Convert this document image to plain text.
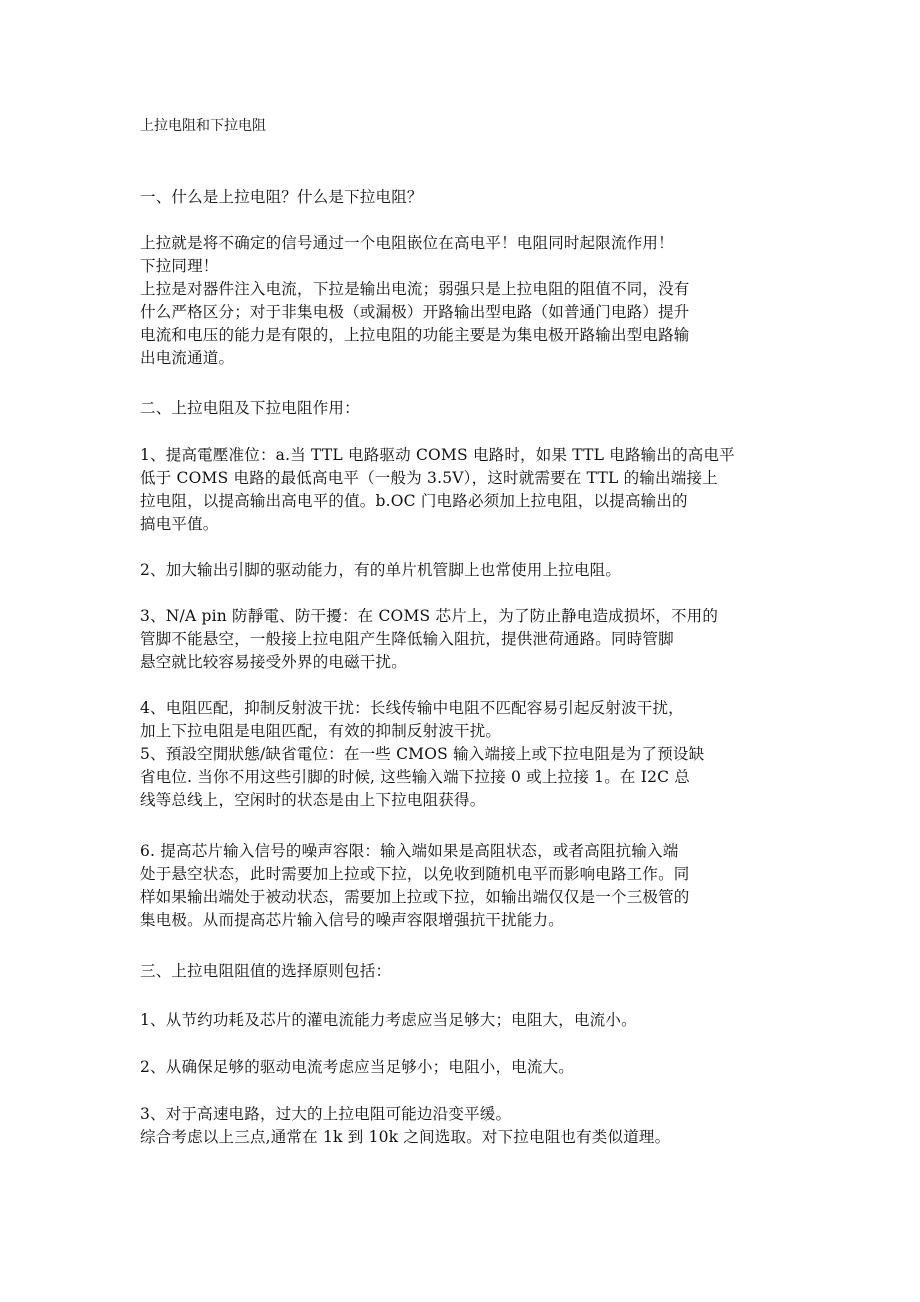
上拉电阻和下拉电阻
一、什么是上拉电阻？什么是下拉电阻？
上拉就是将不确定的信号通过一个电阻嵌位在高电平！电阻同时起限流作用！
下拉同理！
上拉是对器件注入电流，下拉是输出电流；弱强只是上拉电阻的阻值不同，没有
什么严格区分；对于非集电极（或漏极）开路输出型电路（如普通门电路）提升
电流和电压的能力是有限的，上拉电阻的功能主要是为集电极开路输出型电路输
出电流通道。
二、上拉电阻及下拉电阻作用：
1、提高電壓准位：a.当 TTL 电路驱动 COMS 电路时，如果 TTL 电路输出的高电平
低于 COMS 电路的最低高电平（一般为 3.5V），这时就需要在 TTL 的输出端接上
拉电阻，以提高输出高电平的值。b.OC 门电路必须加上拉电阻，以提高输出的
搞电平值。
2、加大输出引脚的驱动能力，有的单片机管脚上也常使用上拉电阻。
3、N/A pin 防靜電、防干擾：在 COMS 芯片上，为了防止静电造成损坏，不用的
管脚不能悬空，一般接上拉电阻产生降低输入阻抗，提供泄荷通路。同時管脚
悬空就比较容易接受外界的电磁干扰。
4、电阻匹配，抑制反射波干扰：长线传输中电阻不匹配容易引起反射波干扰，
加上下拉电阻是电阻匹配，有效的抑制反射波干扰。
5、預設空閒狀態/缺省電位：在一些 CMOS 输入端接上或下拉电阻是为了预设缺
省电位. 当你不用这些引脚的时候, 这些输入端下拉接 0 或上拉接 1。在 I2C 总
线等总线上，空闲时的状态是由上下拉电阻获得。
6. 提高芯片输入信号的噪声容限：输入端如果是高阻状态，或者高阻抗输入端
处于悬空状态，此时需要加上拉或下拉，以免收到随机电平而影响电路工作。同
样如果输出端处于被动状态，需要加上拉或下拉，如输出端仅仅是一个三极管的
集电极。从而提高芯片输入信号的噪声容限增强抗干扰能力。
三、上拉电阻阻值的选择原则包括：
1、从节约功耗及芯片的灌电流能力考虑应当足够大；电阻大，电流小。
2、从确保足够的驱动电流考虑应当足够小；电阻小，电流大。
3、对于高速电路，过大的上拉电阻可能边沿变平缓。
综合考虑以上三点,通常在 1k 到 10k 之间选取。对下拉电阻也有类似道理。
